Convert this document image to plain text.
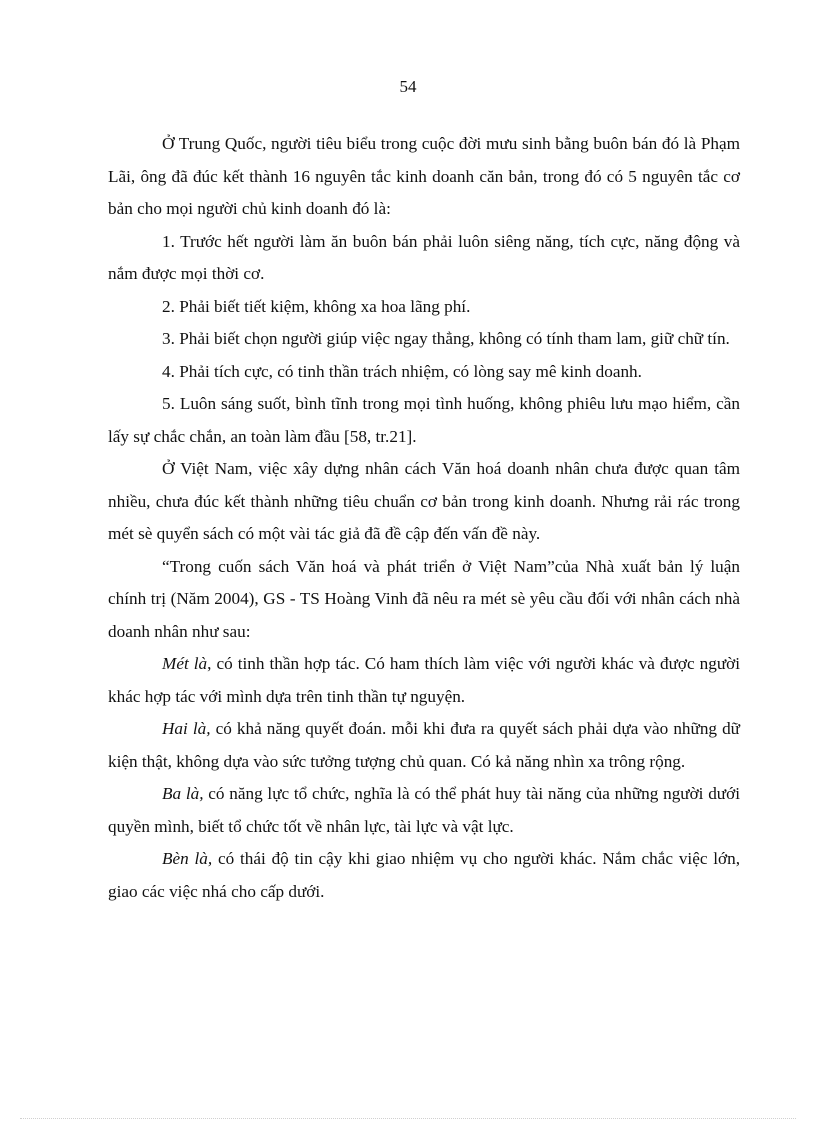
54

Ở Trung Quốc, người tiêu biểu trong cuộc đời mưu sinh bằng buôn bán đó là Phạm Lãi, ông đã đúc kết thành 16 nguyên tắc kinh doanh căn bản, trong đó có 5 nguyên tắc cơ bản cho mọi người chủ kinh doanh đó là:

1. Trước hết người làm ăn buôn bán phải luôn siêng năng, tích cực, năng động và nắm được mọi thời cơ.

2. Phải biết tiết kiệm, không xa hoa lãng phí.

3. Phải biết chọn người giúp việc ngay thẳng, không có tính tham lam, giữ chữ tín.

4. Phải tích cực, có tinh thần trách nhiệm, có lòng say mê kinh doanh.

5. Luôn sáng suốt, bình tĩnh trong mọi tình huống, không phiêu lưu mạo hiểm, cần lấy sự chắc chắn, an toàn làm đầu [58, tr.21].

Ở Việt Nam, việc xây dựng nhân cách Văn hoá doanh nhân chưa được quan tâm nhiều, chưa đúc kết thành những tiêu chuẩn cơ bản trong kinh doanh. Nhưng rải rác trong mét sè quyển sách có một vài tác giả đã đề cập đến vấn đề này.

“Trong cuốn sách Văn hoá và phát triển ở Việt Nam”của Nhà xuất bản lý luận chính trị (Năm 2004), GS - TS Hoàng Vinh đã nêu ra mét sè yêu cầu đối với nhân cách nhà doanh nhân như sau:

Mét là, có tinh thần hợp tác. Có ham thích làm việc với người khác và được người khác hợp tác với mình dựa trên tinh thần tự nguyện.

Hai là, có khả năng quyết đoán. mỗi khi đưa ra quyết sách phải dựa vào những dữ kiện thật, không dựa vào sức tưởng tượng chủ quan. Có kả năng nhìn xa trông rộng.

Ba là, có năng lực tổ chức, nghĩa là có thể phát huy tài năng của những người dưới quyền mình, biết tổ chức tốt về nhân lực, tài lực và vật lực.

Bèn là, có thái độ tin cậy khi giao nhiệm vụ cho người khác. Nắm chắc việc lớn, giao các việc nhá cho cấp dưới.
